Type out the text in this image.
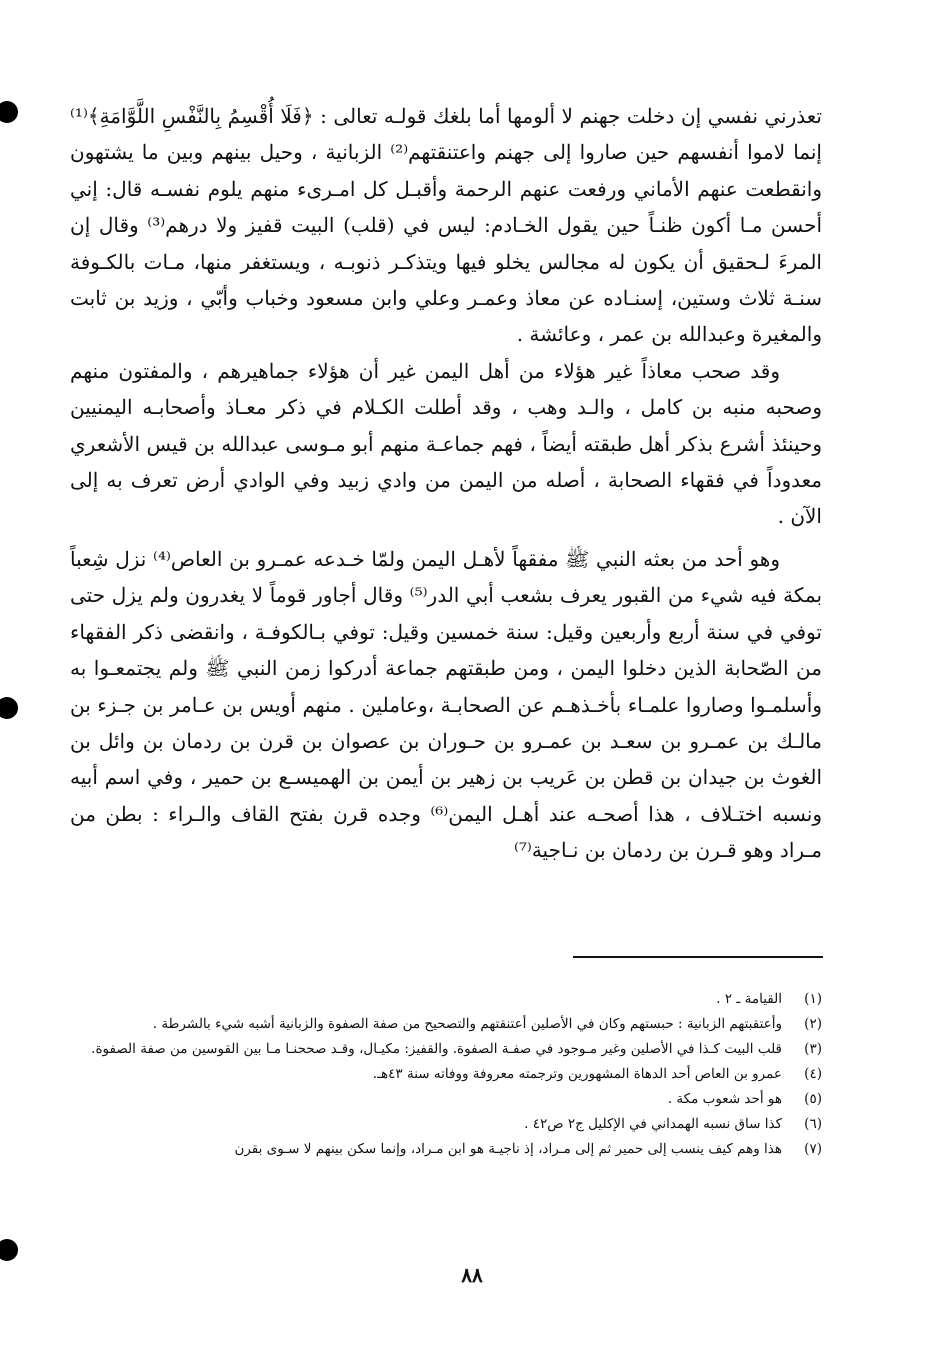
تعذرني نفسي إن دخلت جهنم لا ألومها أما بلغك قولـه تعالى : ﴿فَلَا أُقْسِمُ بِالنَّفْسِ اللَّوَّامَةِ﴾⁽¹⁾ إنما لاموا أنفسهم حين صاروا إلى جهنم واعتنقتهم⁽²⁾ الزبانية ، وحيل بينهم وبين ما يشتهون وانقطعت عنهم الأماني ورفعت عنهم الرحمة وأقبـل كل امـرىء منهم يلوم نفسـه قال: إني أحسن مـا أكون ظنـاً حين يقول الخـادم: ليس في (قلب) البيت قفيز ولا درهم⁽³⁾ وقال إن المرءَ لـحقيق أن يكون له مجالس يخلو فيها ويتذكـر ذنوبـه ، ويستغفر منها، مـات بالكـوفة سنـة ثلاث وستين، إسنـاده عن معاذ وعمـر وعلي وابن مسعود وخباب وأبّي ، وزيد بن ثابت والمغيرة وعبدالله بن عمر ، وعائشة .

وقد صحب معاذاً غير هؤلاء من أهل اليمن غير أن هؤلاء جماهيرهم ، والمفتون منهم وصحبه منبه بن كامل ، والـد وهب ، وقد أطلت الكـلام في ذكر معـاذ وأصحابـه اليمنيين وحينئذ أشرع بذكر أهل طبقته أيضاً ، فهم جماعـة منهم أبو مـوسى عبدالله بن قيس الأشعري معدوداً في فقهاء الصحابة ، أصله من اليمن من وادي زبيد وفي الوادي أرض تعرف به إلى الآن .

وهو أحد من بعثه النبي ﷺ مفقهاً لأهـل اليمن ولمّا خـدعه عمـرو بن العاص⁽⁴⁾ نزل شِعباً بمكة فيه شيء من القبور يعرف بشعب أبي الدر⁽⁵⁾ وقال أجاور قوماً لا يغدرون ولم يزل حتى توفي في سنة أربع وأربعين وقيل: سنة خمسين وقيل: توفي بـالكوفـة ، وانقضى ذكر الفقهاء من الصّحابة الذين دخلوا اليمن ، ومن طبقتهم جماعة أدركوا زمن النبي ﷺ ولم يجتمعـوا به وأسلمـوا وصاروا علمـاء بأخـذهـم عن الصحابـة ،وعاملين . منهم أويس بن عـامر بن جـزء بن مالـك بن عمـرو بن سعـد بن عمـرو بن حـوران بن عصوان بن قرن بن ردمان بن وائل بن الغوث بن جيدان بن قطن بن عَريب بن زهير بن أيمن بن الهميسـع بن حمير ، وفي اسم أبيه ونسبه اختـلاف ، هذا أصحـه عند أهـل اليمن⁽⁶⁾ وجده قرن بفتح القاف والـراء : بطن من مـراد وهو قـرن بن ردمان بن نـاجية⁽⁷⁾

(١)
القيامة ـ ٢ .
(٢)
وأعتقبتهم الزبانية : حبستهم وكان في الأصلين أعتنقتهم والتصحيح من صفة الصفوة والزبانية أشبه شيء بالشرطة .
(٣)
قلب البيت كـذا في الأصلين وغير مـوجود في صفـة الصفوة. والقفيز: مكيـال، وقـد صححنـا مـا بين القوسين من صفة الصفوة.
(٤)
عمرو بن العاص أحد الدهاة المشهورين وترجمته معروفة ووفاته سنة ٤٣هـ.
(٥)
هو أحد شعوب مكة .
(٦)
كذا ساق نسبه الهمداني في الإكليل ج٢ ص٤٢ .
(٧)
هذا وهم كيف ينسب إلى حمير ثم إلى مـراد، إذ ناجيـة هو ابن مـراد، وإنما سكن بينهم لا سـوى بقرن
٨٨
